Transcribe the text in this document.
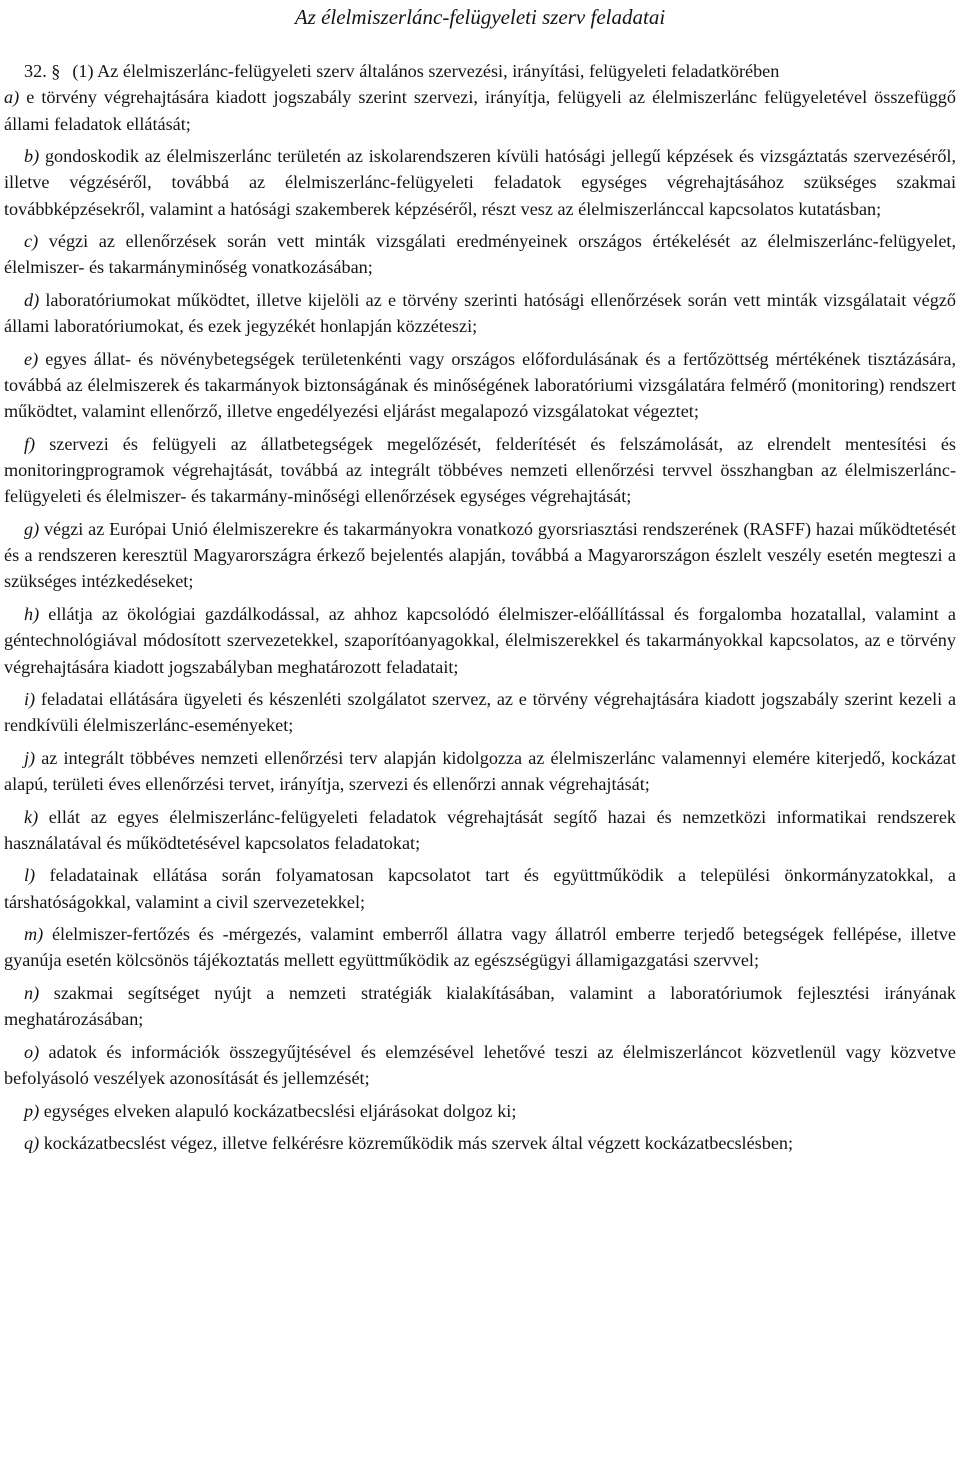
Az élelmiszerlánc-felügyeleti szerv feladatai

32. § (1) Az élelmiszerlánc-felügyeleti szerv általános szervezési, irányítási, felügyeleti feladatkörében

a) e törvény végrehajtására kiadott jogszabály szerint szervezi, irányítja, felügyeli az élelmiszerlánc felügyeletével összefüggő állami feladatok ellátását;

b) gondoskodik az élelmiszerlánc területén az iskolarendszeren kívüli hatósági jellegű képzések és vizsgáztatás szervezéséről, illetve végzéséről, továbbá az élelmiszerlánc-felügyeleti feladatok egységes végrehajtásához szükséges szakmai továbbképzésekről, valamint a hatósági szakemberek képzéséről, részt vesz az élelmiszerlánccal kapcsolatos kutatásban;

c) végzi az ellenőrzések során vett minták vizsgálati eredményeinek országos értékelését az élelmiszerlánc-felügyelet, élelmiszer- és takarmányminőség vonatkozásában;

d) laboratóriumokat működtet, illetve kijelöli az e törvény szerinti hatósági ellenőrzések során vett minták vizsgálatait végző állami laboratóriumokat, és ezek jegyzékét honlapján közzéteszi;

e) egyes állat- és növénybetegségek területenkénti vagy országos előfordulásának és a fertőzöttség mértékének tisztázására, továbbá az élelmiszerek és takarmányok biztonságának és minőségének laboratóriumi vizsgálatára felmérő (monitoring) rendszert működtet, valamint ellenőrző, illetve engedélyezési eljárást megalapozó vizsgálatokat végeztet;

f) szervezi és felügyeli az állatbetegségek megelőzését, felderítését és felszámolását, az elrendelt mentesítési és monitoringprogramok végrehajtását, továbbá az integrált többéves nemzeti ellenőrzési tervvel összhangban az élelmiszerlánc-felügyeleti és élelmiszer- és takarmány-minőségi ellenőrzések egységes végrehajtását;

g) végzi az Európai Unió élelmiszerekre és takarmányokra vonatkozó gyorsriasztási rendszerének (RASFF) hazai működtetését és a rendszeren keresztül Magyarországra érkező bejelentés alapján, továbbá a Magyarországon észlelt veszély esetén megteszi a szükséges intézkedéseket;

h) ellátja az ökológiai gazdálkodással, az ahhoz kapcsolódó élelmiszer-előállítással és forgalomba hozatallal, valamint a géntechnológiával módosított szervezetekkel, szaporítóanyagokkal, élelmiszerekkel és takarmányokkal kapcsolatos, az e törvény végrehajtására kiadott jogszabályban meghatározott feladatait;

i) feladatai ellátására ügyeleti és készenléti szolgálatot szervez, az e törvény végrehajtására kiadott jogszabály szerint kezeli a rendkívüli élelmiszerlánc-eseményeket;

j) az integrált többéves nemzeti ellenőrzési terv alapján kidolgozza az élelmiszerlánc valamennyi elemére kiterjedő, kockázat alapú, területi éves ellenőrzési tervet, irányítja, szervezi és ellenőrzi annak végrehajtását;

k) ellát az egyes élelmiszerlánc-felügyeleti feladatok végrehajtását segítő hazai és nemzetközi informatikai rendszerek használatával és működtetésével kapcsolatos feladatokat;

l) feladatainak ellátása során folyamatosan kapcsolatot tart és együttműködik a települési önkormányzatokkal, a társhatóságokkal, valamint a civil szervezetekkel;

m) élelmiszer-fertőzés és -mérgezés, valamint emberről állatra vagy állatról emberre terjedő betegségek fellépése, illetve gyanúja esetén kölcsönös tájékoztatás mellett együttműködik az egészségügyi államigazgatási szervvel;

n) szakmai segítséget nyújt a nemzeti stratégiák kialakításában, valamint a laboratóriumok fejlesztési irányának meghatározásában;

o) adatok és információk összegyűjtésével és elemzésével lehetővé teszi az élelmiszerláncot közvetlenül vagy közvetve befolyásoló veszélyek azonosítását és jellemzését;

p) egységes elveken alapuló kockázatbecslési eljárásokat dolgoz ki;

q) kockázatbecslést végez, illetve felkérésre közreműködik más szervek által végzett kockázatbecslésben;
